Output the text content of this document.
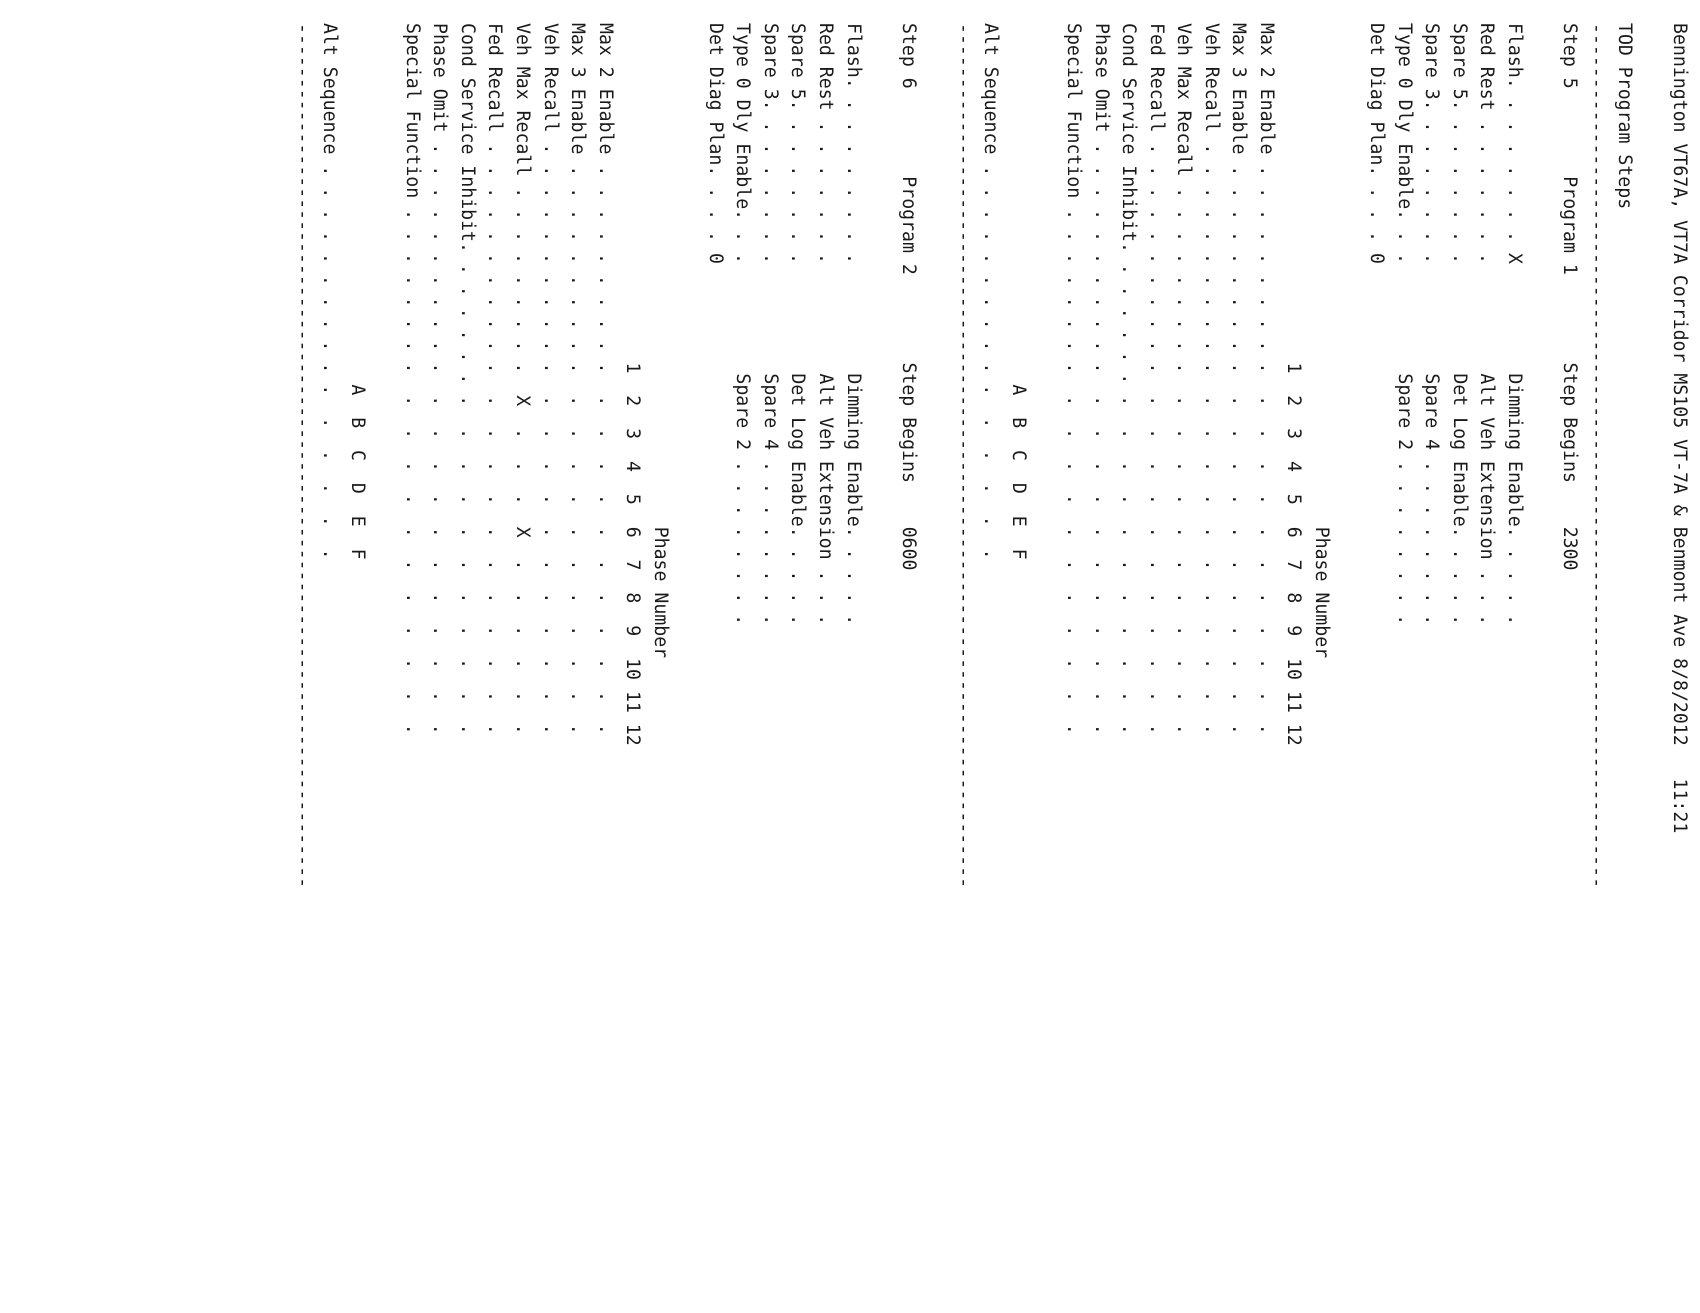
Bennington VT67A, VT7A Corridor MS105 VT-7A & Benmont Ave 8/8/2012   11:21

TOD Program Steps
-------------------------------------------------------------------------------
Step 5        Program 1        Step Begins    2300

Flash. . . . . . . . X          Dimming Enable. . . . .
Red Rest . . . . . . .          Alt Veh Extension . . .
Spare 5. . . . . . . .          Det Log Enable. . . . .
Spare 3. . . . . . . .          Spare 4 . . . . . . . .
Type 0 Dly Enable. . .          Spare 2 . . . . . . . .
Det Diag Plan. . . . 0

Phase Number
1  2  3  4  5  6  7  8  9  10 11 12
Max 2 Enable . . . . . . . . . .  .  .  .  .  .  .  .  .  .  .  .
Max 3 Enable . . . . . . . . . .  .  .  .  .  .  .  .  .  .  .  .
Veh Recall . . . . . . . . . . .  .  .  .  .  .  .  .  .  .  .  .
Veh Max Recall . . . . . . . . .  .  .  .  .  .  .  .  .  .  .  .
Fed Recall . . . . . . . . . . .  .  .  .  .  .  .  .  .  .  .  .
Cond Service Inhibit. . . . . . . .  .  .  .  .  .  .  .  .  .  .
Phase Omit . . . . . . . . . . .  .  .  .  .  .  .  .  .  .  .  .
Special Function . . . . . . . .  .  .  .  .  .  .  .  .  .  .  .

A  B  C  D  E  F
Alt Sequence . . . . . . . . . . .  .  .  .  .  .
-------------------------------------------------------------------------------

Step 6        Program 2        Step Begins    0600

Flash. . . . . . . . .          Dimming Enable. . . . .
Red Rest . . . . . . .          Alt Veh Extension . . .
Spare 5. . . . . . . .          Det Log Enable. . . . .
Spare 3. . . . . . . .          Spare 4 . . . . . . . .
Type 0 Dly Enable. . .          Spare 2 . . . . . . . .
Det Diag Plan. . . . 0

Phase Number
1  2  3  4  5  6  7  8  9  10 11 12
Max 2 Enable . . . . . . . . . .  .  .  .  .  .  .  .  .  .  .  .
Max 3 Enable . . . . . . . . . .  .  .  .  .  .  .  .  .  .  .  .
Veh Recall . . . . . . . . . . .  .  .  .  .  .  .  .  .  .  .  .
Veh Max Recall . . . . . . . . .  X  .  .  .  X  .  .  .  .  .  .
Fed Recall . . . . . . . . . . .  .  .  .  .  .  .  .  .  .  .  .
Cond Service Inhibit. . . . . . . .  .  .  .  .  .  .  .  .  .  .
Phase Omit . . . . . . . . . . .  .  .  .  .  .  .  .  .  .  .  .
Special Function . . . . . . . .  .  .  .  .  .  .  .  .  .  .  .

A  B  C  D  E  F
Alt Sequence . . . . . . . . . . .  .  .  .  .  .
-------------------------------------------------------------------------------
